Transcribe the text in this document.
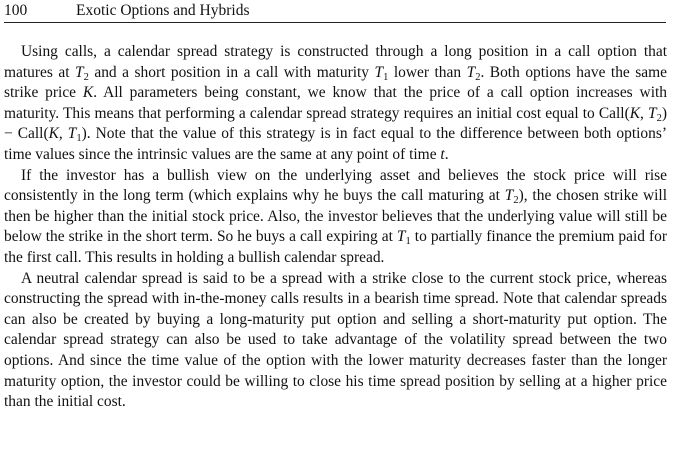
100	Exotic Options and Hybrids

Using calls, a calendar spread strategy is constructed through a long position in a call option that matures at $T_2$ and a short position in a call with maturity $T_1$ lower than $T_2$. Both options have the same strike price K. All parameters being constant, we know that the price of a call option increases with maturity. This means that performing a calendar spread strategy requires an initial cost equal to Call(K, $T_2$) − Call(K, $T_1$). Note that the value of this strategy is in fact equal to the difference between both options’ time values since the intrinsic values are the same at any point of time t.

If the investor has a bullish view on the underlying asset and believes the stock price will rise consistently in the long term (which explains why he buys the call maturing at $T_2$), the chosen strike will then be higher than the initial stock price. Also, the investor believes that the underlying value will still be below the strike in the short term. So he buys a call expiring at $T_1$ to partially finance the premium paid for the first call. This results in holding a bullish calendar spread.

A neutral calendar spread is said to be a spread with a strike close to the current stock price, whereas constructing the spread with in-the-money calls results in a bearish time spread. Note that calendar spreads can also be created by buying a long-maturity put option and selling a short-maturity put option. The calendar spread strategy can also be used to take advantage of the volatility spread between the two options. And since the time value of the option with the lower maturity decreases faster than the longer maturity option, the investor could be willing to close his time spread position by selling at a higher price than the initial cost.
